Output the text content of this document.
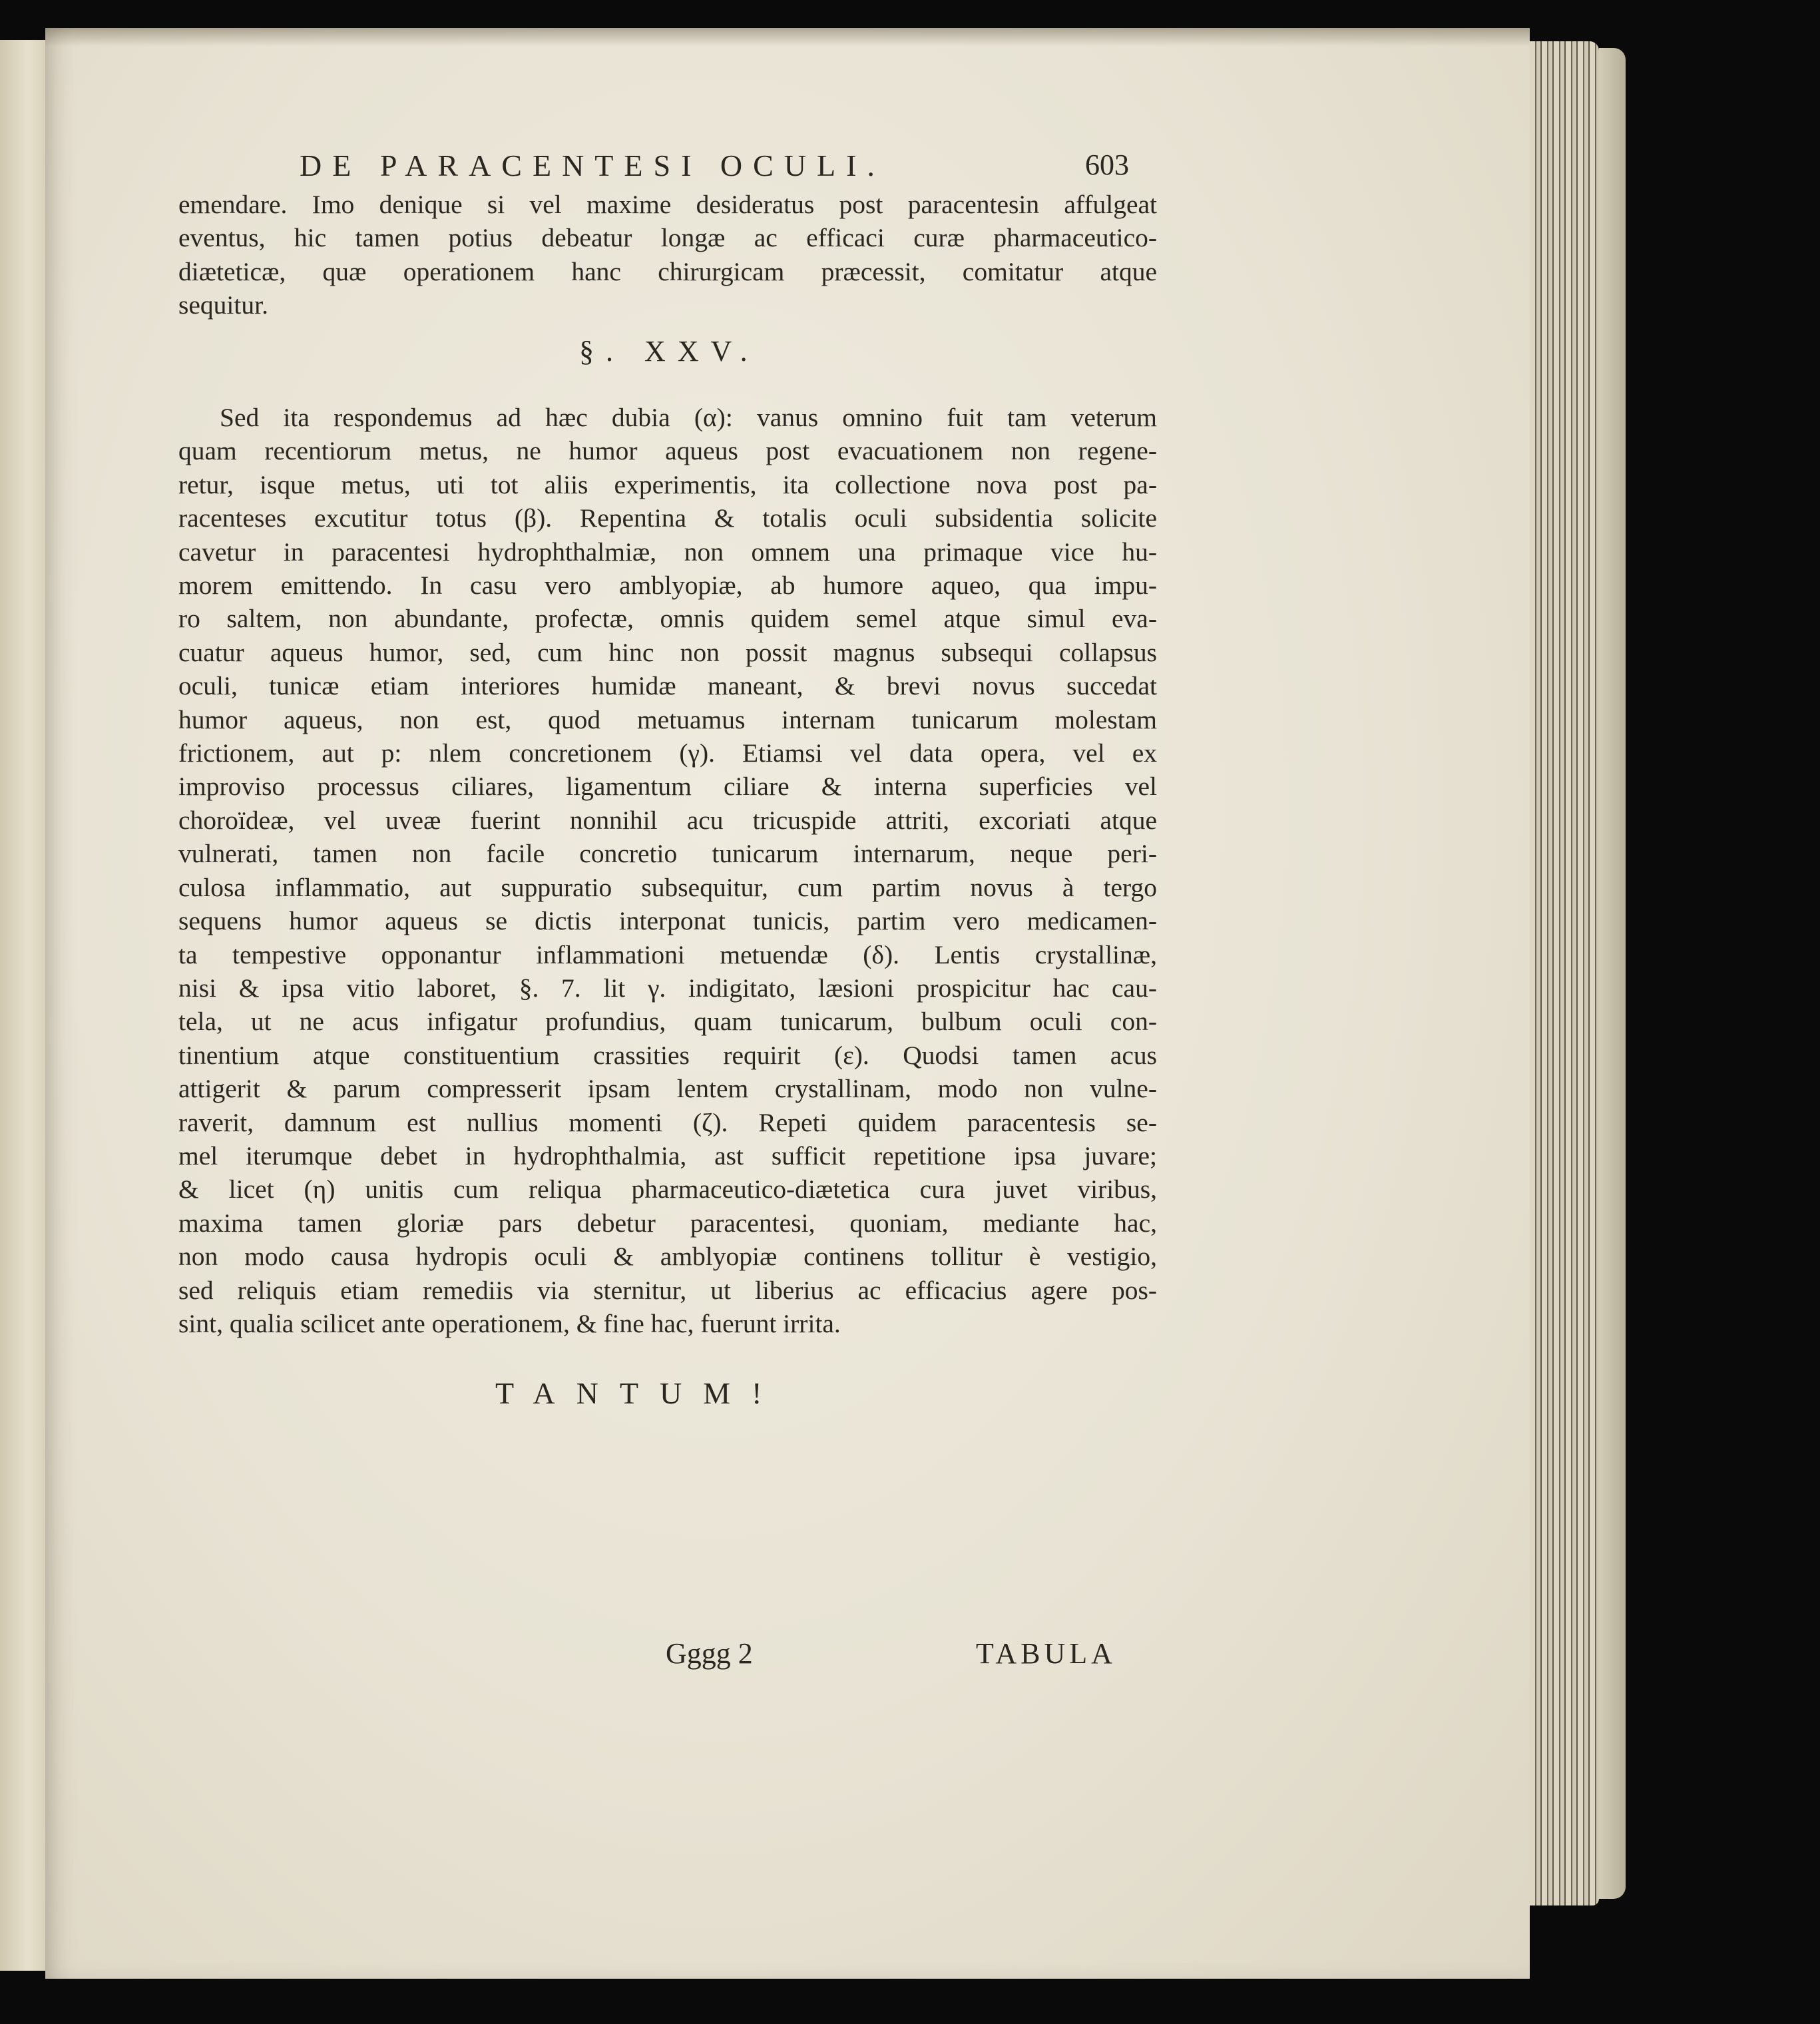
DE PARACENTESI OCULI.	603
emendare. Imo denique si vel maxime desideratus post paracentesin affulgeat
eventus, hic tamen potius debeatur longæ ac efficaci curæ pharmaceutico-
diæteticæ, quæ operationem hanc chirurgicam præcessit, comitatur atque
sequitur.
§. XXV.
Sed ita respondemus ad hæc dubia (α): vanus omnino fuit tam veterum
quam recentiorum metus, ne humor aqueus post evacuationem non regene-
retur, isque metus, uti tot aliis experimentis, ita collectione nova post pa-
racenteses excutitur totus (β). Repentina & totalis oculi subsidentia solicite
cavetur in paracentesi hydrophthalmiæ, non omnem una primaque vice hu-
morem emittendo. In casu vero amblyopiæ, ab humore aqueo, qua impu-
ro saltem, non abundante, profectæ, omnis quidem semel atque simul eva-
cuatur aqueus humor, sed, cum hinc non possit magnus subsequi collapsus
oculi, tunicæ etiam interiores humidæ maneant, & brevi novus succedat
humor aqueus, non est, quod metuamus internam tunicarum molestam
frictionem, aut p: nlem concretionem (γ). Etiamsi vel data opera, vel ex
improviso processus ciliares, ligamentum ciliare & interna superficies vel
choroïdeæ, vel uveæ fuerint nonnihil acu tricuspide attriti, excoriati atque
vulnerati, tamen non facile concretio tunicarum internarum, neque peri-
culosa inflammatio, aut suppuratio subsequitur, cum partim novus à tergo
sequens humor aqueus se dictis interponat tunicis, partim vero medicamen-
ta tempestive opponantur inflammationi metuendæ (δ). Lentis crystallinæ,
nisi & ipsa vitio laboret, §. 7. lit γ. indigitato, læsioni prospicitur hac cau-
tela, ut ne acus infigatur profundius, quam tunicarum, bulbum oculi con-
tinentium atque constituentium crassities requirit (ε). Quodsi tamen acus
attigerit & parum compresserit ipsam lentem crystallinam, modo non vulne-
raverit, damnum est nullius momenti (ζ). Repeti quidem paracentesis se-
mel iterumque debet in hydrophthalmia, ast sufficit repetitione ipsa juvare;
& licet (η) unitis cum reliqua pharmaceutico-diætetica cura juvet viribus,
maxima tamen gloriæ pars debetur paracentesi, quoniam, mediante hac,
non modo causa hydropis oculi & amblyopiæ continens tollitur è vestigio,
sed reliquis etiam remediis via sternitur, ut liberius ac efficacius agere pos-
sint, qualia scilicet ante operationem, & fine hac, fuerunt irrita.
TANTUM!
Gggg 2	TABULA
